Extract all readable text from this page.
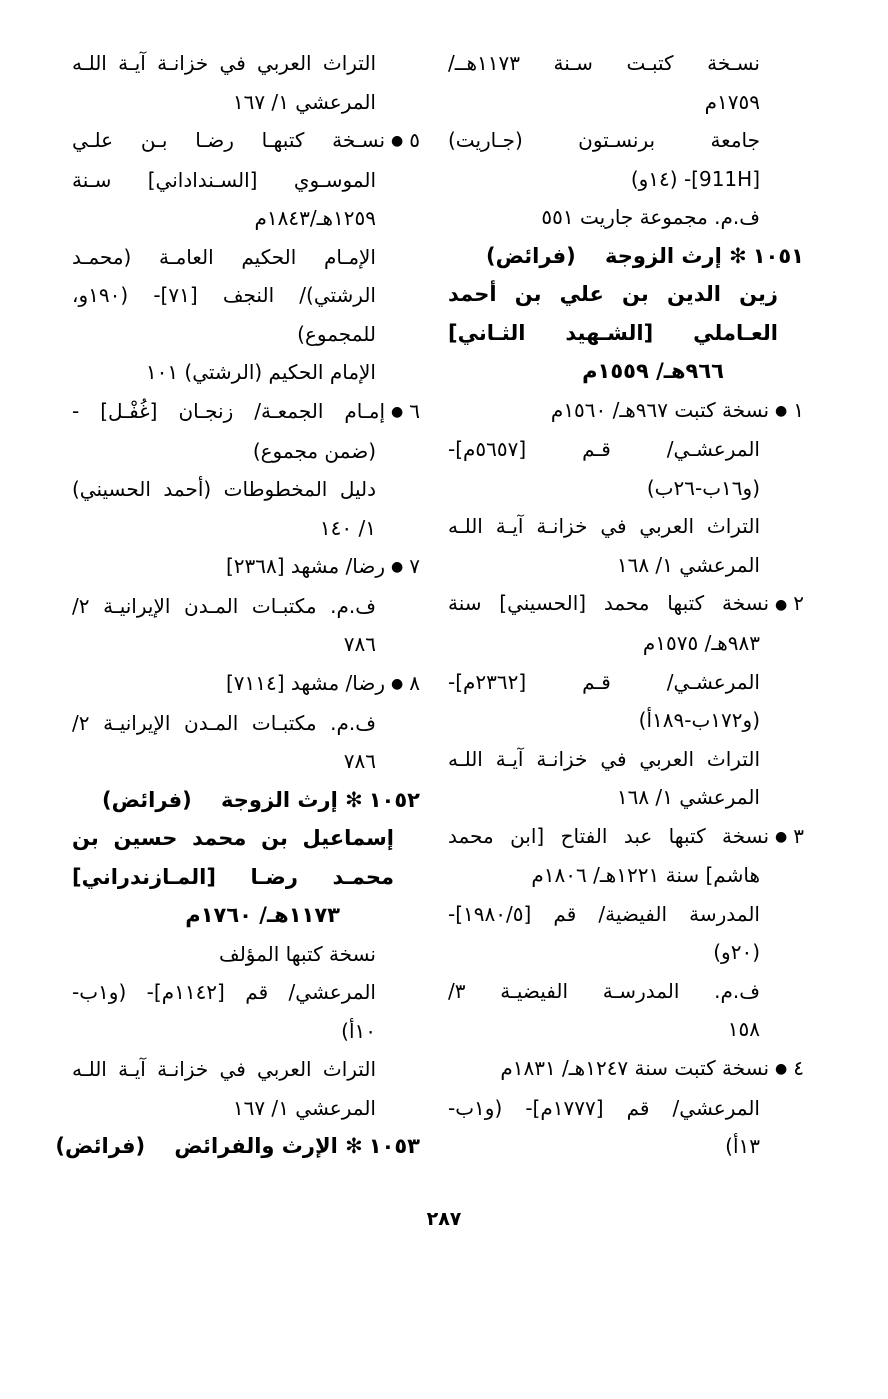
نسـخة كتبـت سـنة ١١٧٣هــ/
١٧٥٩م
جامعة برنسـتون (جـاريت)
[911H]- (١٤و)
ف.م. مجموعة جاريت ٥٥١
١٠٥١✻ إرث الزوجة    (فرائض)
زين الدين بن علي بن أحمد
العـاملي [الشـهيد الثـاني]
٩٦٦هـ/ ١٥٥٩م
١●نسخة كتبت ٩٦٧هـ/ ١٥٦٠م
المرعشـي/ قـم [٥٦٥٧م]-
(و١٦ب-٢٦ب)
التراث العربي في خزانـة آيـة اللـه
المرعشي ١/ ١٦٨
٢●نسخة كتبها محمد [الحسيني] سنة
٩٨٣هـ/ ١٥٧٥م
المرعشـي/ قـم [٢٣٦٢م]-
(و١٧٢ب-١٨٩أ)
التراث العربي في خزانـة آيـة اللـه
المرعشي ١/ ١٦٨
٣●نسخة كتبها عبد الفتاح [ابن محمد
هاشم] سنة ١٢٢١هـ/ ١٨٠٦م
المدرسة الفيضية/ قم [١٩٨٠/٥]-
(٢٠و)
ف.م. المدرسـة الفيضيـة ٣/
١٥٨
٤●نسخة كتبت سنة ١٢٤٧هـ/ ١٨٣١م
المرعشي/ قم [١٧٧٧م]- (و١ب-
١٣أ)
التراث العربي في خزانـة آيـة اللـه
المرعشي ١/ ١٦٧
٥●نسـخة كتبهـا رضـا بـن علـي
الموسـوي [السـنداداني] سـنة
١٢٥٩هـ/١٨٤٣م
الإمـام الحكيم العامـة (محمـد
الرشتي)/ النجف [٧١]- (١٩٠و،
للمجموع)
الإمام الحكيم (الرشتي) ١٠١
٦●إمـام الجمعـة/ زنجـان [غُفْـل] -
(ضمن مجموع)
دليل المخطوطات (أحمد الحسيني)
١/ ١٤٠
٧●رضا/ مشهد [٢٣٦٨]
ف.م. مكتبـات المـدن الإيرانيـة ٢/
٧٨٦
٨●رضا/ مشهد [٧١١٤]
ف.م. مكتبـات المـدن الإيرانيـة ٢/
٧٨٦
١٠٥٢✻ إرث الزوجة    (فرائض)
إسماعيل بن محمد حسين بن
محمـد رضـا [المـازندراني]
١١٧٣هـ/ ١٧٦٠م
نسخة كتبها المؤلف
المرعشي/ قم [١١٤٢م]- (و١ب-
١٠أ)
التراث العربي في خزانـة آيـة اللـه
المرعشي ١/ ١٦٧
١٠٥٣✻ الإرث والفرائض    (فرائض)
٢٨٧
